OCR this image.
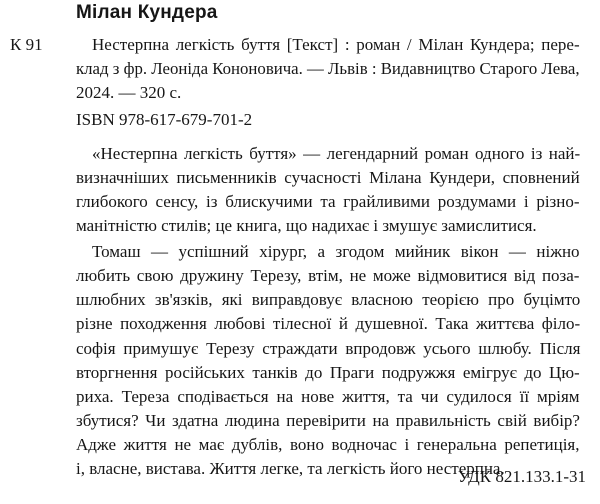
Мілан Кундера
К 91	Нестерпна легкість буття [Текст] : роман / Мілан Кундера; пере-
клад з фр. Леоніда Кононовича. — Львів : Видавництво Старого Лева,
2024. — 320 с.
ISBN 978-617-679-701-2
«Нестерпна легкість буття» — легендарний роман одного із най-
визначніших письменників сучасності Мілана Кундери, сповнений
глибокого сенсу, із блискучими та грайливими роздумами і різно-
манітністю стилів; це книга, що надихає і змушує замислитися.
Томаш — успішний хірург, а згодом мийник вікон — ніжно
любить свою дружину Терезу, втім, не може відмовитися від поза-
шлюбних зв'язків, які виправдовує власною теорією про буцімто
різне походження любові тілесної й душевної. Така життєва філо-
софія примушує Терезу страждати впродовж усього шлюбу. Після
вторгнення російських танків до Праги подружжя емігрує до Цю-
риха. Тереза сподівається на нове життя, та чи судилося її мріям
збутися? Чи здатна людина перевірити на правильність свій вибір?
Адже життя не має дублів, воно водночас і генеральна репетиція,
і, власне, вистава. Життя легке, та легкість його нестерпна.
УДК 821.133.1-31
